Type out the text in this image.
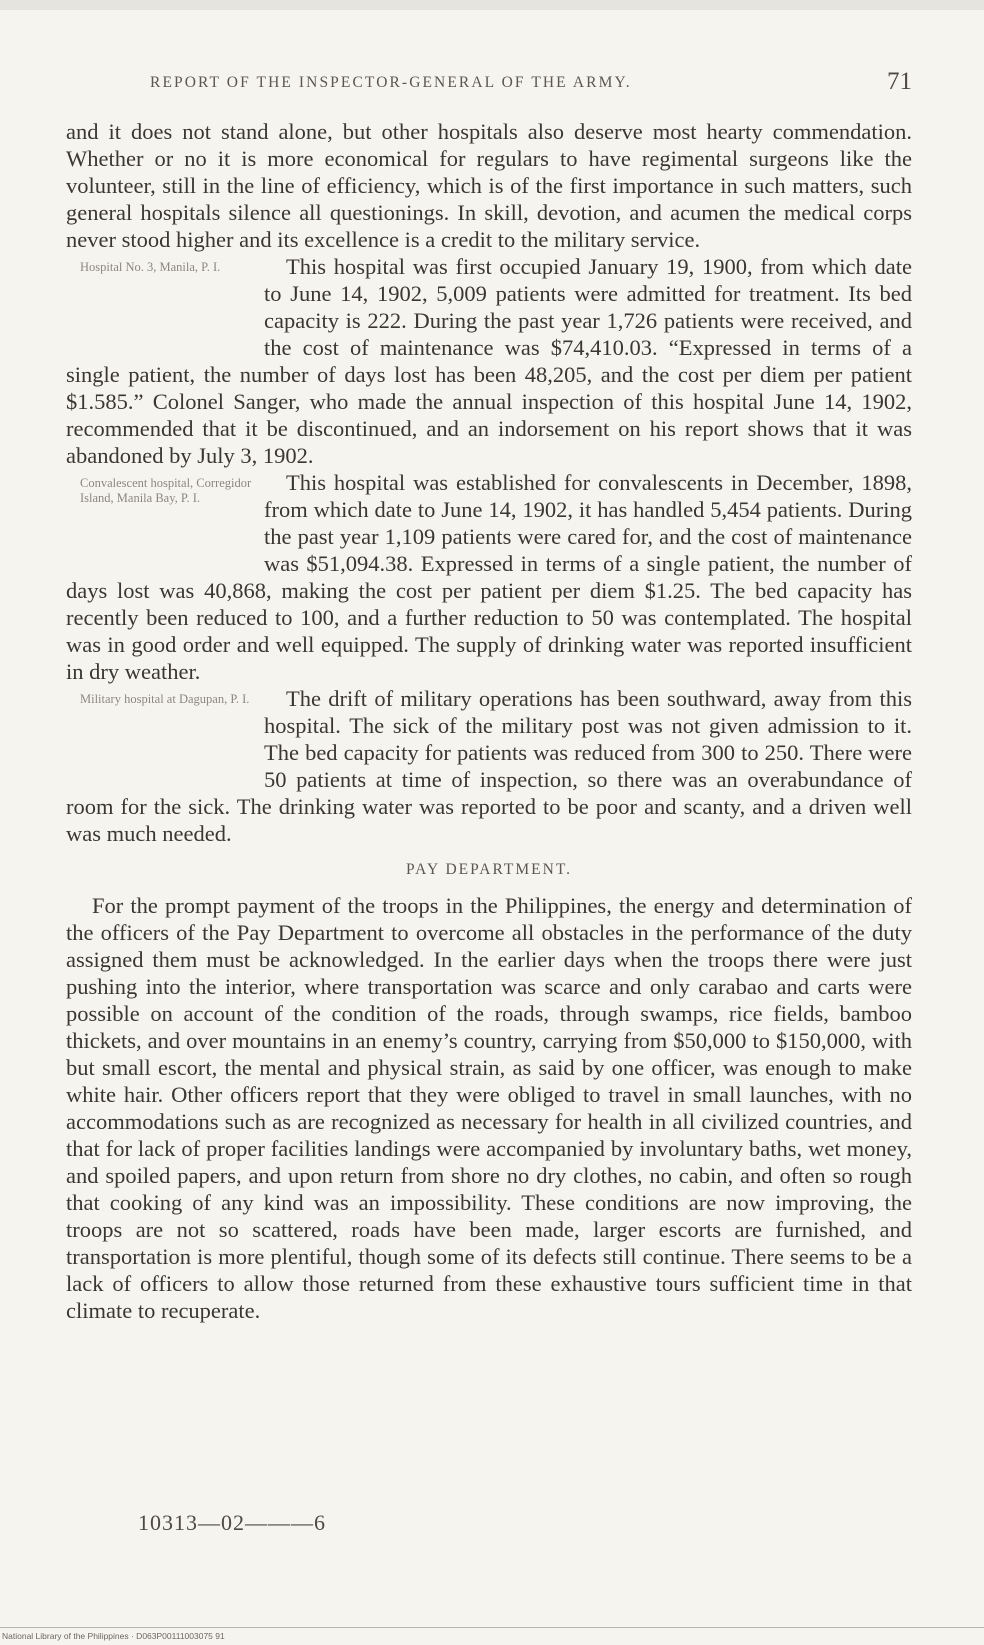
REPORT OF THE INSPECTOR-GENERAL OF THE ARMY.	71

and it does not stand alone, but other hospitals also deserve most hearty commendation. Whether or no it is more economical for regulars to have regimental surgeons like the volunteer, still in the line of efficiency, which is of the first importance in such matters, such general hospitals silence all questionings. In skill, devotion, and acumen the medical corps never stood higher and its excellence is a credit to the military service.

Hospital No. 3, Manila, P. I.	This hospital was first occupied January 19, 1900, from which date to June 14, 1902, 5,009 patients were admitted for treatment. Its bed capacity is 222. During the past year 1,726 patients were received, and the cost of maintenance was $74,410.03. “Expressed in terms of a single patient, the number of days lost has been 48,205, and the cost per diem per patient $1.585.” Colonel Sanger, who made the annual inspection of this hospital June 14, 1902, recommended that it be discontinued, and an indorsement on his report shows that it was abandoned by July 3, 1902.

Convalescent hospital, Corregidor Island, Manila Bay, P. I.

This hospital was established for convalescents in December, 1898, from which date to June 14, 1902, it has handled 5,454 patients. During the past year 1,109 patients were cared for, and the cost of maintenance was $51,094.38. Expressed in terms of a single patient, the number of days lost was 40,868, making the cost per patient per diem $1.25. The bed capacity has recently been reduced to 100, and a further reduction to 50 was contemplated. The hospital was in good order and well equipped. The supply of drinking water was reported insufficient in dry weather.

Military hospital at Dagupan, P. I.	The drift of military operations has been southward, away from this hospital. The sick of the military post was not given admission to it. The bed capacity for patients was reduced from 300 to 250. There were 50 patients at time of inspection, so there was an overabundance of room for the sick. The drinking water was reported to be poor and scanty, and a driven well was much needed.

PAY DEPARTMENT.

For the prompt payment of the troops in the Philippines, the energy and determination of the officers of the Pay Department to overcome all obstacles in the performance of the duty assigned them must be acknowledged. In the earlier days when the troops there were just pushing into the interior, where transportation was scarce and only carabao and carts were possible on account of the condition of the roads, through swamps, rice fields, bamboo thickets, and over mountains in an enemy’s country, carrying from $50,000 to $150,000, with but small escort, the mental and physical strain, as said by one officer, was enough to make white hair. Other officers report that they were obliged to travel in small launches, with no accommodations such as are recognized as necessary for health in all civilized countries, and that for lack of proper facilities landings were accompanied by involuntary baths, wet money, and spoiled papers, and upon return from shore no dry clothes, no cabin, and often so rough that cooking of any kind was an impossibility. These conditions are now improving, the troops are not so scattered, roads have been made, larger escorts are furnished, and transportation is more plentiful, though some of its defects still continue. There seems to be a lack of officers to allow those returned from these exhaustive tours sufficient time in that climate to recuperate.

10313—02———6
National Library of the Philippines · D063P00111003075 91
